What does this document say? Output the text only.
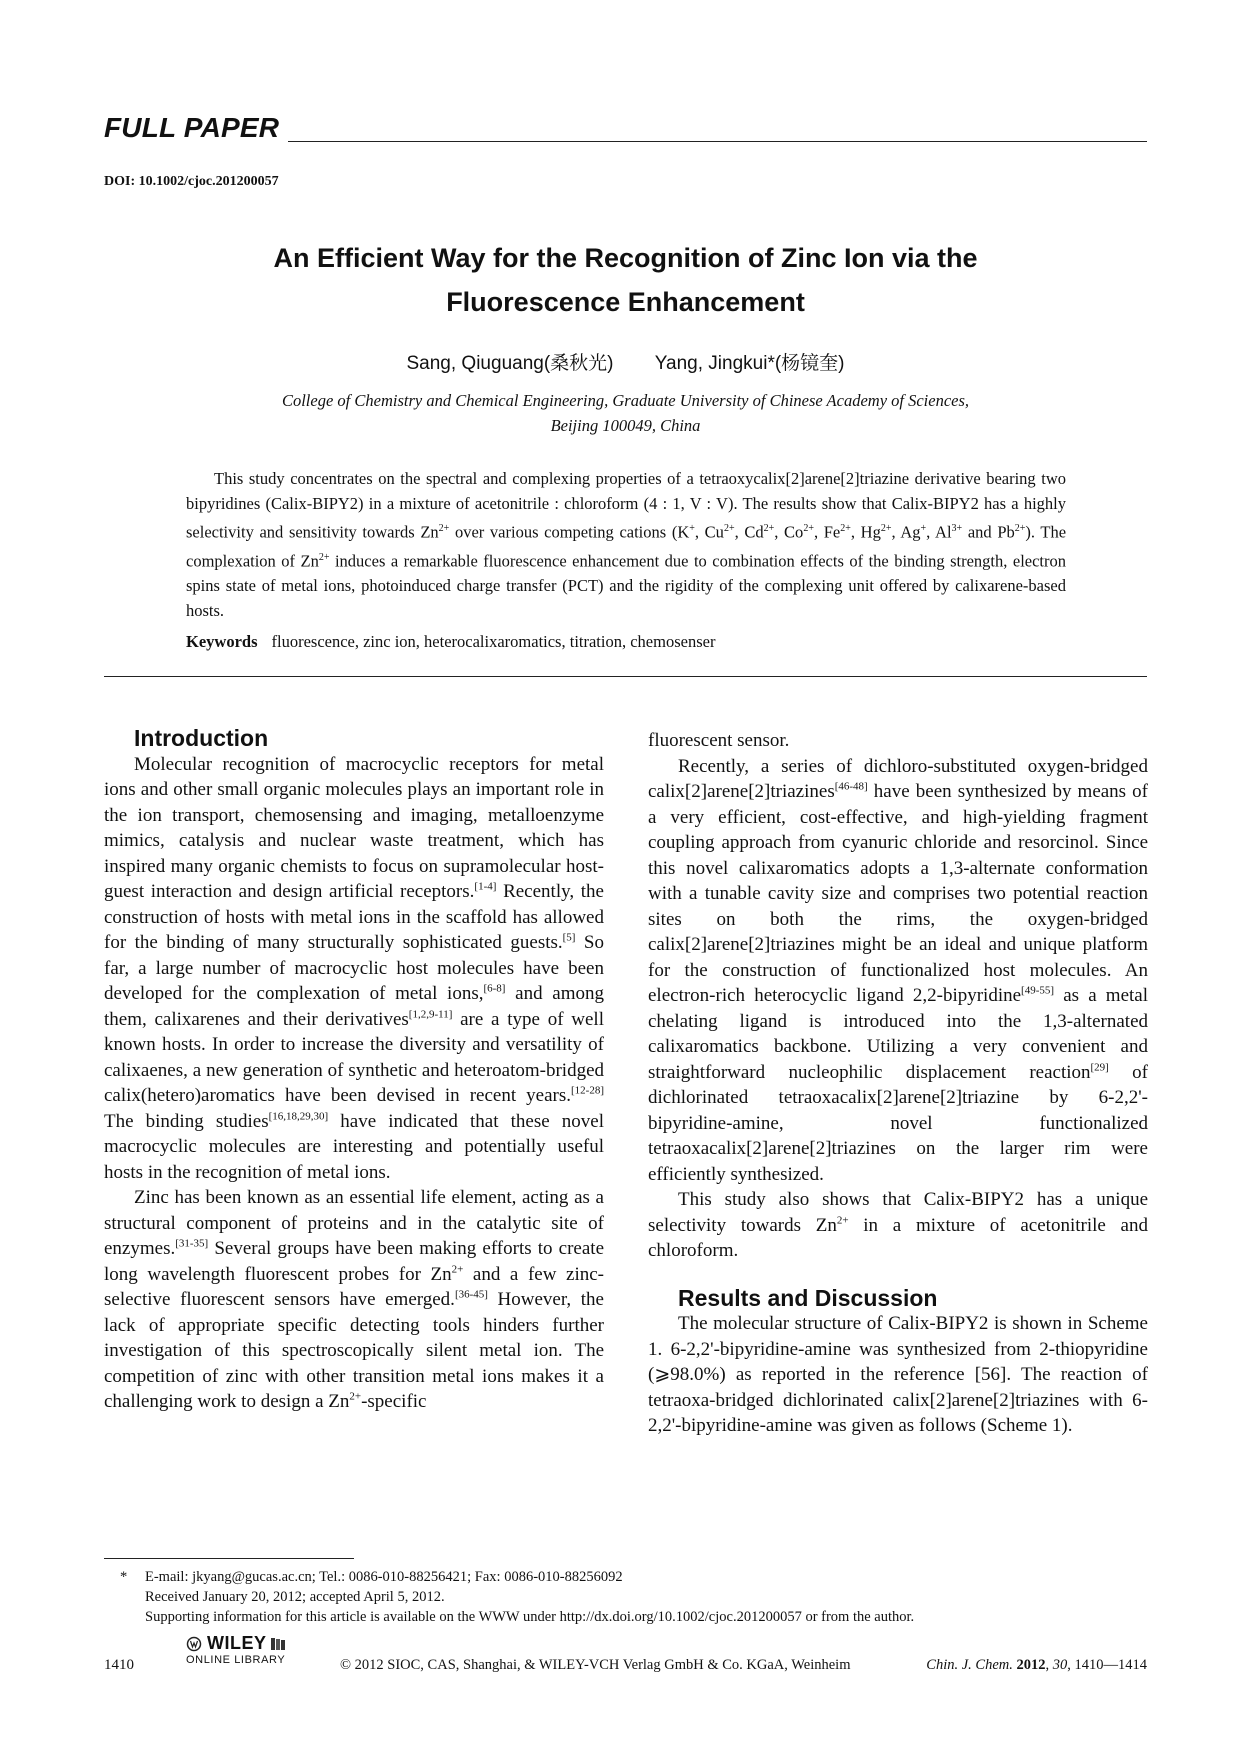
FULL PAPER
DOI: 10.1002/cjoc.201200057
An Efficient Way for the Recognition of Zinc Ion via the
Fluorescence Enhancement
Sang, Qiuguang(桑秋光) Yang, Jingkui*(杨镜奎)
College of Chemistry and Chemical Engineering, Graduate University of Chinese Academy of Sciences,
Beijing 100049, China
This study concentrates on the spectral and complexing properties of a tetraoxycalix[2]arene[2]triazine derivative bearing two bipyridines (Calix-BIPY2) in a mixture of acetonitrile : chloroform (4 : 1, V : V). The results show that Calix-BIPY2 has a highly selectivity and sensitivity towards $Zn^{2+}$ over various competing cations (K+, $Cu^{2+}$, $Cd^{2+}$, $Co^{2+}$, $Fe^{2+}$, $Hg^{2+}$, Ag+, $Al^{3+}$ and $Pb^{2+}$). The complexation of $Zn^{2+}$ induces a remarkable fluorescence enhancement due to combination effects of the binding strength, electron spins state of metal ions, photoinduced charge transfer (PCT) and the rigidity of the complexing unit offered by calixarene-based hosts.
Keywords fluorescence, zinc ion, heterocalixaromatics, titration, chemosenser

Introduction

Molecular recognition of macrocyclic receptors for metal ions and other small organic molecules plays an important role in the ion transport, chemosensing and imaging, metalloenzyme mimics, catalysis and nuclear waste treatment, which has inspired many organic chemists to focus on supramolecular host-guest interaction and design artificial receptors.[1-4] Recently, the construction of hosts with metal ions in the scaffold has allowed for the binding of many structurally sophisticated guests.[5] So far, a large number of macrocyclic host molecules have been developed for the complexation of metal ions,[6-8] and among them, calixarenes and their derivatives[1,2,9-11] are a type of well known hosts. In order to increase the diversity and versatility of calixaenes, a new generation of synthetic and heteroatom-bridged calix(hetero)aromatics have been devised in recent years.[12-28] The binding studies[16,18,29,30] have indicated that these novel macrocyclic molecules are interesting and potentially useful hosts in the recognition of metal ions.

Zinc has been known as an essential life element, acting as a structural component of proteins and in the catalytic site of enzymes.[31-35] Several groups have been making efforts to create long wavelength fluorescent probes for $Zn^{2+}$ and a few zinc-selective fluorescent sensors have emerged.[36-45] However, the lack of appropriate specific detecting tools hinders further investigation of this spectroscopically silent metal ion. The competition of zinc with other transition metal ions makes it a challenging work to design a $Zn^{2+}$-specific

fluorescent sensor.

Recently, a series of dichloro-substituted oxygen-bridged calix[2]arene[2]triazines[46-48] have been synthesized by means of a very efficient, cost-effective, and high-yielding fragment coupling approach from cyanuric chloride and resorcinol. Since this novel calixaromatics adopts a 1,3-alternate conformation with a tunable cavity size and comprises two potential reaction sites on both the rims, the oxygen-bridged calix[2]arene[2]triazines might be an ideal and unique platform for the construction of functionalized host molecules. An electron-rich heterocyclic ligand 2,2-bipyridine[49-55] as a metal chelating ligand is introduced into the 1,3-alternated calixaromatics backbone. Utilizing a very convenient and straightforward nucleophilic displacement reaction[29] of dichlorinated tetraoxacalix[2]arene[2]triazine by 6-2,2'-bipyridine-amine, novel functionalized tetraoxacalix[2]arene[2]triazines on the larger rim were efficiently synthesized.

This study also shows that Calix-BIPY2 has a unique selectivity towards $Zn^{2+}$ in a mixture of acetonitrile and chloroform.

Results and Discussion

The molecular structure of Calix-BIPY2 is shown in Scheme 1. 6-2,2'-bipyridine-amine was synthesized from 2-thiopyridine (⩾98.0%) as reported in the reference [56]. The reaction of tetraoxa-bridged dichlorinated calix[2]arene[2]triazines with 6-2,2'-bipyridine-amine was given as follows (Scheme 1).

*	E-mail: jkyang@gucas.ac.cn; Tel.: 0086-010-88256421; Fax: 0086-010-88256092
Received January 20, 2012; accepted April 5, 2012.
Supporting information for this article is available on the WWW under http://dx.doi.org/10.1002/cjoc.201200057 or from the author.
1410
WILEY
ONLINE LIBRARY	© 2012 SIOC, CAS, Shanghai, & WILEY-VCH Verlag GmbH & Co. KGaA, Weinheim	Chin. J. Chem. 2012, 30, 1410—1414
